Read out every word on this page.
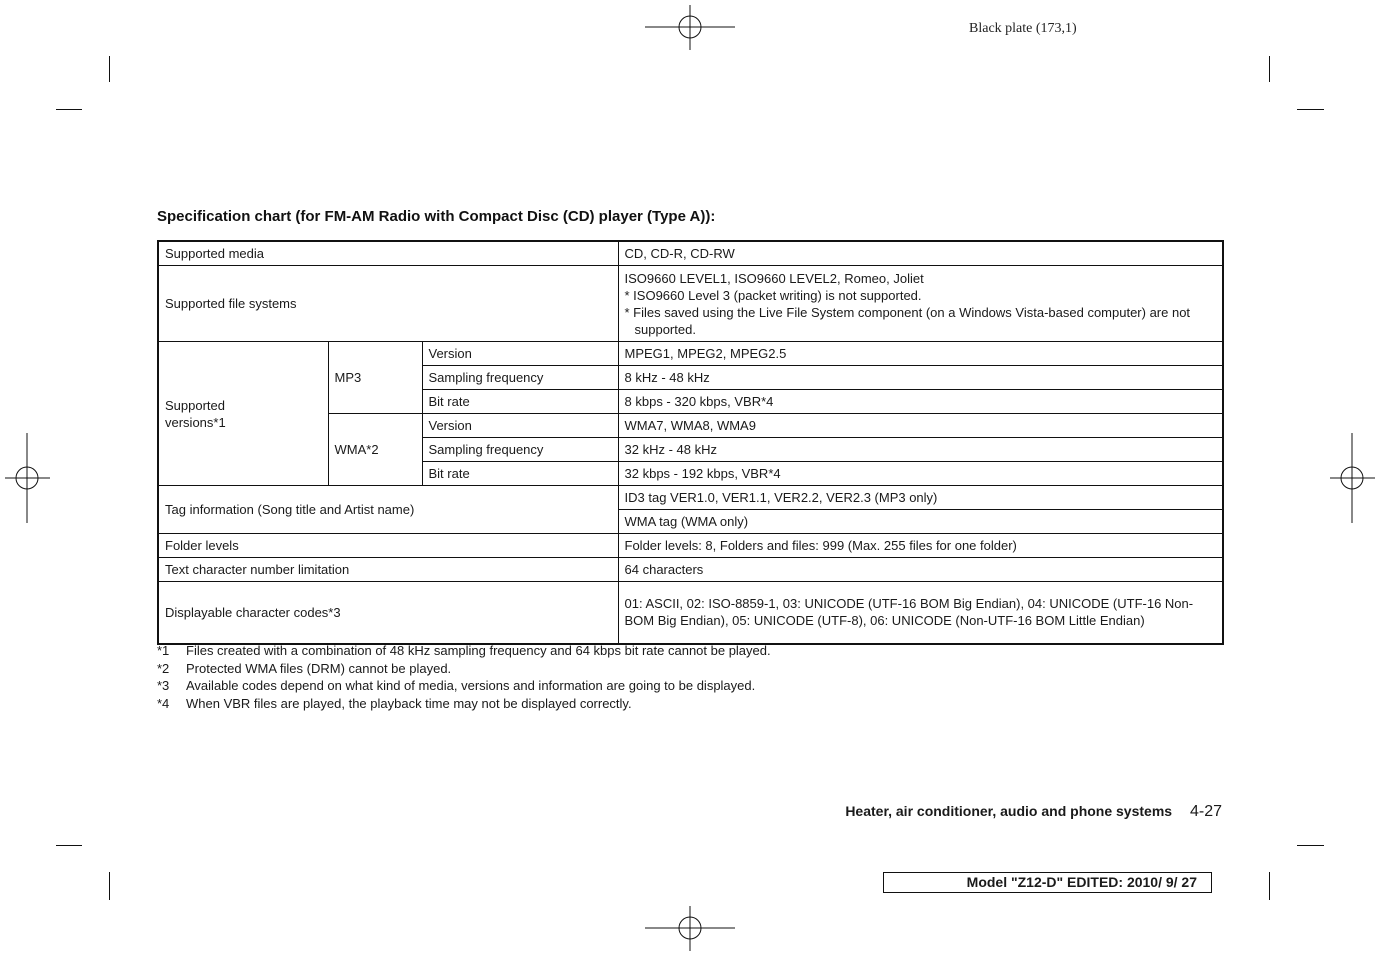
Black plate (173,1)
Specification chart (for FM-AM Radio with Compact Disc (CD) player (Type A)):
Supported media			CD, CD-R, CD-RW
Supported file systems			ISO9660 LEVEL1, ISO9660 LEVEL2, Romeo, Joliet
* ISO9660 Level 3 (packet writing) is not supported.
* Files saved using the Live File System component (on a Windows Vista-based computer) are not supported.

Supported versions*1	MP3	Version	MPEG1, MPEG2, MPEG2.5
		Sampling frequency	8 kHz - 48 kHz
		Bit rate	8 kbps - 320 kbps, VBR*4
	WMA*2	Version	WMA7, WMA8, WMA9
		Sampling frequency	32 kHz - 48 kHz
		Bit rate	32 kbps - 192 kbps, VBR*4
Tag information (Song title and Artist name)			ID3 tag VER1.0, VER1.1, VER2.2, VER2.3 (MP3 only)
			WMA tag (WMA only)
Folder levels			Folder levels: 8, Folders and files: 999 (Max. 255 files for one folder)
Text character number limitation			64 characters
Displayable character codes*3			01: ASCII, 02: ISO-8859-1, 03: UNICODE (UTF-16 BOM Big Endian), 04: UNICODE (UTF-16 Non-BOM Big Endian), 05: UNICODE (UTF-8), 06: UNICODE (Non-UTF-16 BOM Little Endian)
*1	Files created with a combination of 48 kHz sampling frequency and 64 kbps bit rate cannot be played.
*2	Protected WMA files (DRM) cannot be played.
*3	Available codes depend on what kind of media, versions and information are going to be displayed.
*4	When VBR files are played, the playback time may not be displayed correctly.
Heater, air conditioner, audio and phone systems 4-27
Model "Z12-D" EDITED: 2010/ 9/ 27
